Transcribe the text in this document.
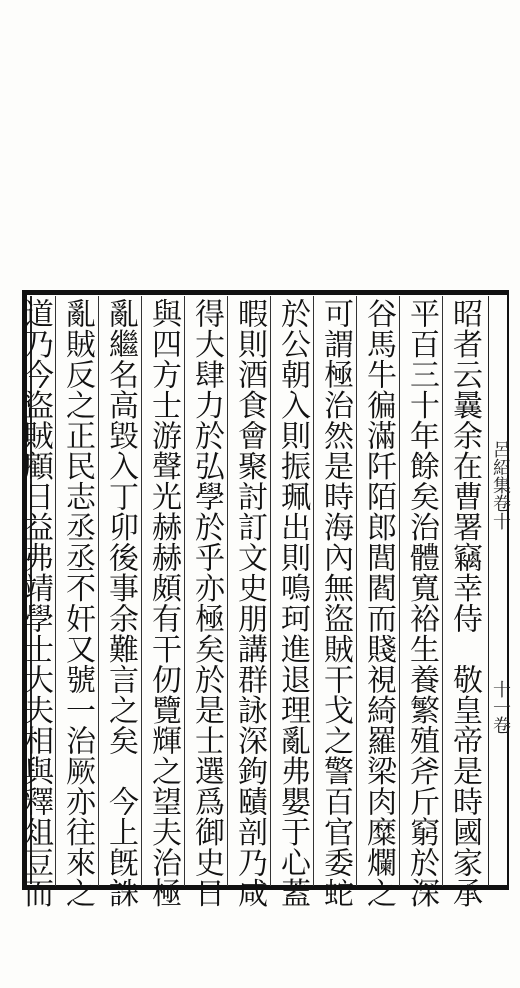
呂紹集卷十
十一卷
昭者云曩余在曹署竊幸侍　敬皇帝是時國家承
平百三十年餘矣治體寬裕生養繁殖斧斤窮於深
谷馬牛徧滿阡陌郎閭閻而賤視綺羅梁肉糜爛之
可謂極治然是時海內無盜賊干戈之警百官委蛇
於公朝入則振珮出則鳴珂進退理亂弗嬰于心蓋
暇則酒食會聚討訂文史朋講群詠深鉤賾剖乃咸
得大肆力於弘學於乎亦極矣於是士選爲御史日
與四方士游聲光赫赫頗有干仞覽輝之望夫治極
亂繼名高毀入丁卯後事余難言之矣　今上旣誅
亂賊反之正民志丞丞不奸又號一治厥亦往來之
道乃今盜賊顧日益弗靖學士大夫相與釋俎豆而
